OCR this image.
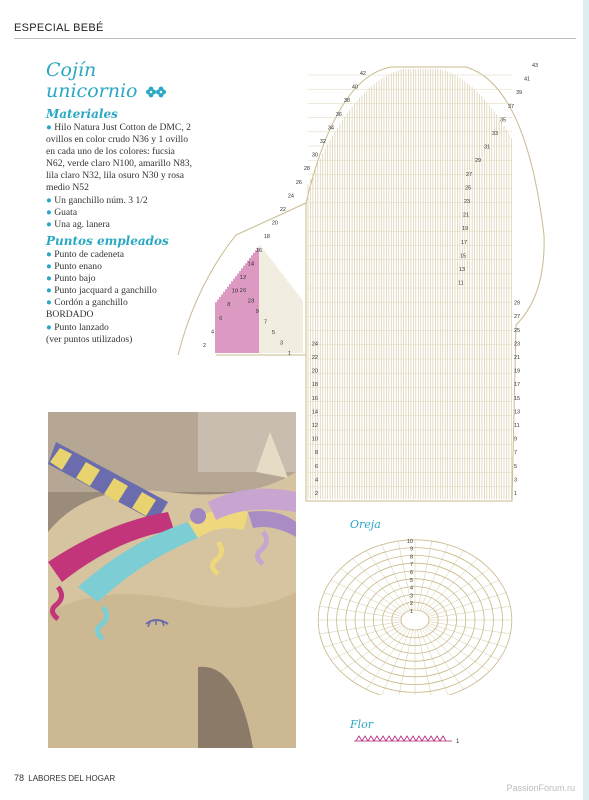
ESPECIAL BEBÉ
Cojín
unicornio
Materiales
● Hilo Natura Just Cotton de DMC, 2
ovillos en color crudo N36 y 1 ovillo
en cada uno de los colores: fucsia
N62, verde claro N100, amarillo N83,
lila claro N32, lila osuro N30 y rosa
medio N52
● Un ganchillo núm. 3 1/2
● Guata
● Una ag. lanera
Puntos empleados
● Punto de cadeneta
● Punto enano
● Punto bajo
● Punto jacquard a ganchillo
● Cordón a ganchillo
BORDADO
● Punto lanzado
(ver puntos utilizados)
2
4
6
8
10
12
14
16
18
20
22
24
26
28
30
32
34
36
38
40
42
43
41
39
37
35
33
31
29
27
25
23
21
19
17
15
13
11
2
4
6
8
10
12
14
16
18
20
22
24
1
3
5
7
9
11
13
15
17
19
21
23
25
27
29
1
3
5
7
9
28
26
Oreja
10
9
8
7
6
5
4
3
2
1
Flor
1
78 LABORES DEL HOGAR
PassionForum.ru
